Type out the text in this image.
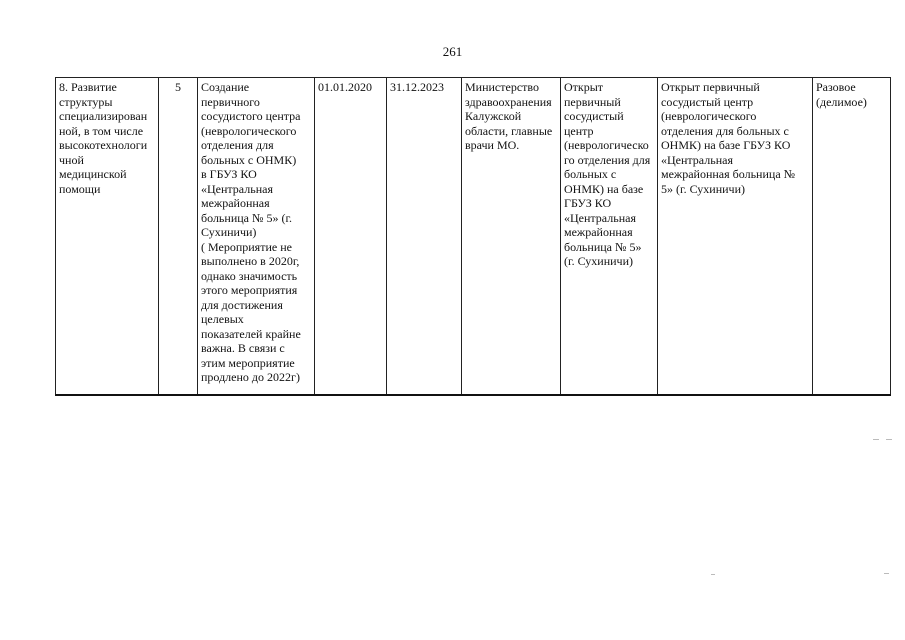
261
8. Развитие
структуры
специализирован
ной, в том числе
высокотехнологи
чной
медицинской
помощи

5	Создание
первичного
сосудистого центра
(неврологического
отделения для
больных с ОНМК)
в ГБУЗ КО
«Центральная
межрайонная
больница № 5» (г.
Сухиничи)
( Мероприятие не
выполнено в 2020г,
однако значимость
этого мероприятия
для достижения
целевых
показателей крайне
важна. В связи с
этим мероприятие
продлено до 2022г)

01.01.2020	31.12.2023	Министерство
здравоохранения
Калужской
области, главные
врачи МО.

Открыт
первичный
сосудистый
центр
(неврологическо
го отделения для
больных с
ОНМК) на базе
ГБУЗ КО
«Центральная
межрайонная
больница № 5»
(г. Сухиничи)

Открыт первичный
сосудистый центр
(неврологического
отделения для больных с
ОНМК) на базе ГБУЗ КО
«Центральная
межрайонная больница №
5» (г. Сухиничи)

Разовое
(делимое)
